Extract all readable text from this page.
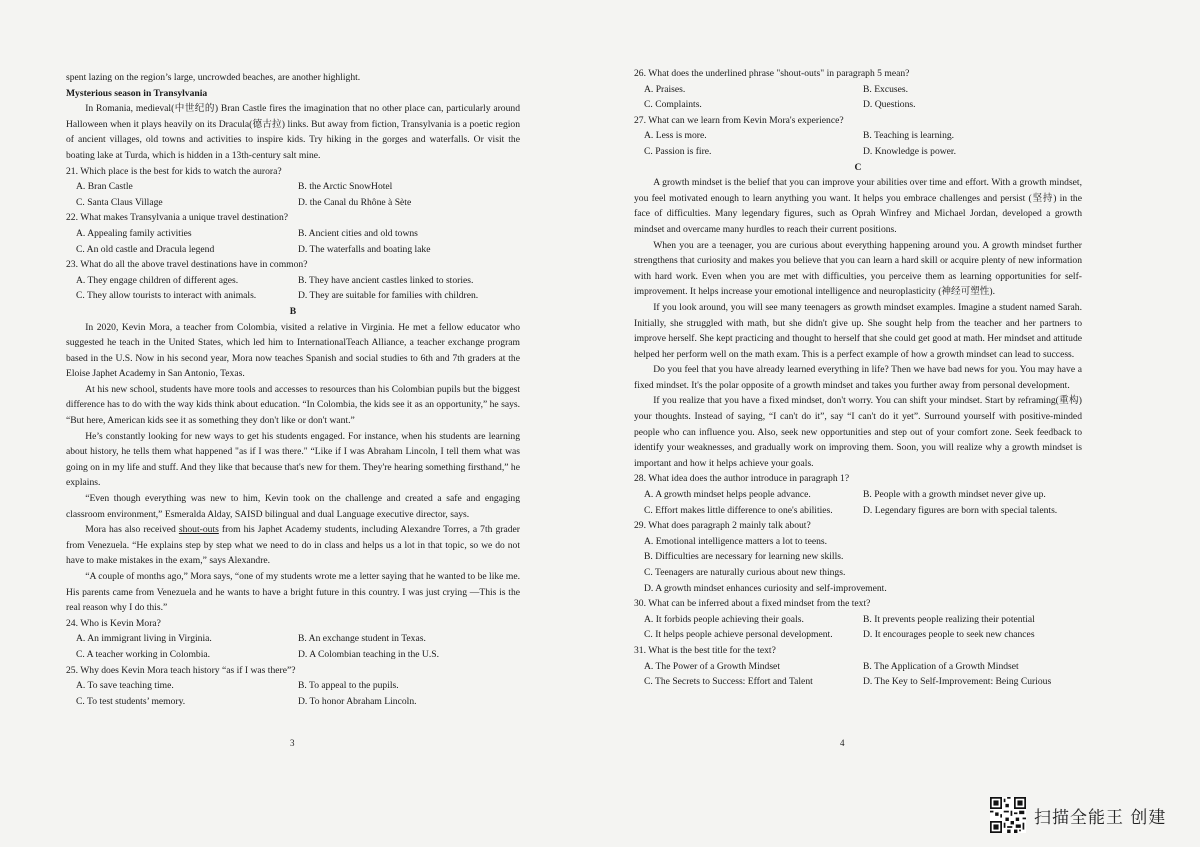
spent lazing on the region’s large, uncrowded beaches, are another highlight.

Mysterious season in Transylvania

In Romania, medieval(中世纪的) Bran Castle fires the imagination that no other place can, particularly around Halloween when it plays heavily on its Dracula(德古拉) links. But away from fiction, Transylvania is a poetic region of ancient villages, old towns and activities to inspire kids. Try hiking in the gorges and waterfalls. Or visit the boating lake at Turda, which is hidden in a 13th-century salt mine.

21. Which place is the best for kids to watch the aurora?

A. Bran Castle	B. the Arctic SnowHotel
C. Santa Claus Village	D. the Canal du Rhône à Sète

22. What makes Transylvania a unique travel destination?

A. Appealing family activities	B. Ancient cities and old towns
C. An old castle and Dracula legend	D. The waterfalls and boating lake

23. What do all the above travel destinations have in common?

A. They engage children of different ages.	B. They have ancient castles linked to stories.
C. They allow tourists to interact with animals.	D. They are suitable for families with children.

B

In 2020, Kevin Mora, a teacher from Colombia, visited a relative in Virginia. He met a fellow educator who suggested he teach in the United States, which led him to InternationalTeach Alliance, a teacher exchange program based in the U.S. Now in his second year, Mora now teaches Spanish and social studies to 6th and 7th graders at the Eloise Japhet Academy in San Antonio, Texas.

At his new school, students have more tools and accesses to resources than his Colombian pupils but the biggest difference has to do with the way kids think about education. “In Colombia, the kids see it as an opportunity,” he says. “But here, American kids see it as something they don't like or don't want.”

He’s constantly looking for new ways to get his students engaged. For instance, when his students are learning about history, he tells them what happened "as if I was there." “Like if I was Abraham Lincoln, I tell them what was going on in my life and stuff. And they like that because that's new for them. They're hearing something firsthand,” he explains.

“Even though everything was new to him, Kevin took on the challenge and created a safe and engaging classroom environment,” Esmeralda Alday, SAISD bilingual and dual Language executive director, says.

Mora has also received shout-outs from his Japhet Academy students, including Alexandre Torres, a 7th grader from Venezuela. “He explains step by step what we need to do in class and helps us a lot in that topic, so we do not have to make mistakes in the exam,” says Alexandre.

“A couple of months ago,” Mora says, “one of my students wrote me a letter saying that he wanted to be like me. His parents came from Venezuela and he wants to have a bright future in this country. I was just crying —This is the real reason why I do this.”

24. Who is Kevin Mora?

A. An immigrant living in Virginia.	B. An exchange student in Texas.
C. A teacher working in Colombia.	D. A Colombian teaching in the U.S.

25. Why does Kevin Mora teach history “as if I was there”?

A. To save teaching time.	B. To appeal to the pupils.
C. To test students’ memory.	D. To honor Abraham Lincoln.
3

26. What does the underlined phrase "shout-outs" in paragraph 5 mean?

A. Praises.	B. Excuses.
C. Complaints.	D. Questions.

27. What can we learn from Kevin Mora's experience?

A. Less is more.	B. Teaching is learning.
C. Passion is fire.	D. Knowledge is power.

C

A growth mindset is the belief that you can improve your abilities over time and effort. With a growth mindset, you feel motivated enough to learn anything you want. It helps you embrace challenges and persist (坚持) in the face of difficulties. Many legendary figures, such as Oprah Winfrey and Michael Jordan, developed a growth mindset and overcame many hurdles to reach their current positions.

When you are a teenager, you are curious about everything happening around you. A growth mindset further strengthens that curiosity and makes you believe that you can learn a hard skill or acquire plenty of new information with hard work. Even when you are met with difficulties, you perceive them as learning opportunities for self-improvement. It helps increase your emotional intelligence and neuroplasticity (神经可塑性).

If you look around, you will see many teenagers as growth mindset examples. Imagine a student named Sarah. Initially, she struggled with math, but she didn't give up. She sought help from the teacher and her partners to improve herself. She kept practicing and thought to herself that she could get good at math. Her mindset and attitude helped her perform well on the math exam. This is a perfect example of how a growth mindset can lead to success.

Do you feel that you have already learned everything in life? Then we have bad news for you. You may have a fixed mindset. It's the polar opposite of a growth mindset and takes you further away from personal development.

If you realize that you have a fixed mindset, don't worry. You can shift your mindset. Start by reframing(重构) your thoughts. Instead of saying, “I can't do it”, say “I can't do it yet”. Surround yourself with positive-minded people who can influence you. Also, seek new opportunities and step out of your comfort zone. Seek feedback to identify your weaknesses, and gradually work on improving them. Soon, you will realize why a growth mindset is important and how it helps achieve your goals.

28. What idea does the author introduce in paragraph 1?

A. A growth mindset helps people advance.	B. People with a growth mindset never give up.
C. Effort makes little difference to one's abilities.	D. Legendary figures are born with special talents.

29. What does paragraph 2 mainly talk about?

A. Emotional intelligence matters a lot to teens.
B. Difficulties are necessary for learning new skills.
C. Teenagers are naturally curious about new things.
D. A growth mindset enhances curiosity and self-improvement.

30. What can be inferred about a fixed mindset from the text?

A. It forbids people achieving their goals.	B. It prevents people realizing their potential
C. It helps people achieve personal development.	D. It encourages people to seek new chances

31. What is the best title for the text?

A. The Power of a Growth Mindset	B. The Application of a Growth Mindset
C. The Secrets to Success: Effort and Talent	D. The Key to Self-Improvement: Being Curious
4
扫描全能王 创建
